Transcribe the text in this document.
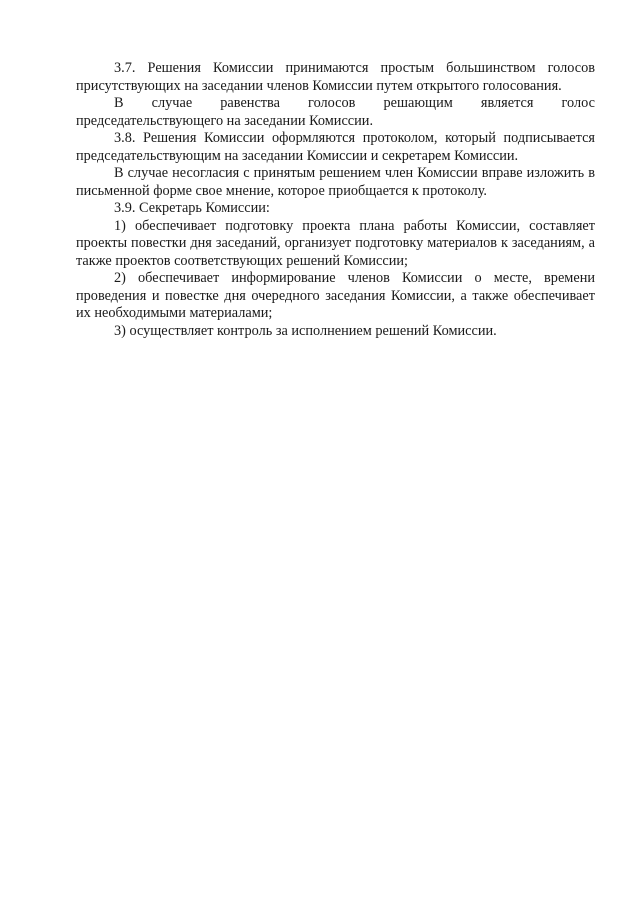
3.7. Решения Комиссии принимаются простым большинством голосов присутствующих на заседании членов Комиссии путем открытого голосования.

В случае равенства голосов решающим является голос председательствующего на заседании Комиссии.

3.8. Решения Комиссии оформляются протоколом, который подписывается председательствующим на заседании Комиссии и секретарем Комиссии.

В случае несогласия с принятым решением член Комиссии вправе изложить в письменной форме свое мнение, которое приобщается к протоколу.

3.9. Секретарь Комиссии:

1) обеспечивает подготовку проекта плана работы Комиссии, составляет проекты повестки дня заседаний, организует подготовку материалов к заседаниям, а также проектов соответствующих решений Комиссии;

2) обеспечивает информирование членов Комиссии о месте, времени проведения и повестке дня очередного заседания Комиссии, а также обеспечивает их необходимыми материалами;

3) осуществляет контроль за исполнением решений Комиссии.
